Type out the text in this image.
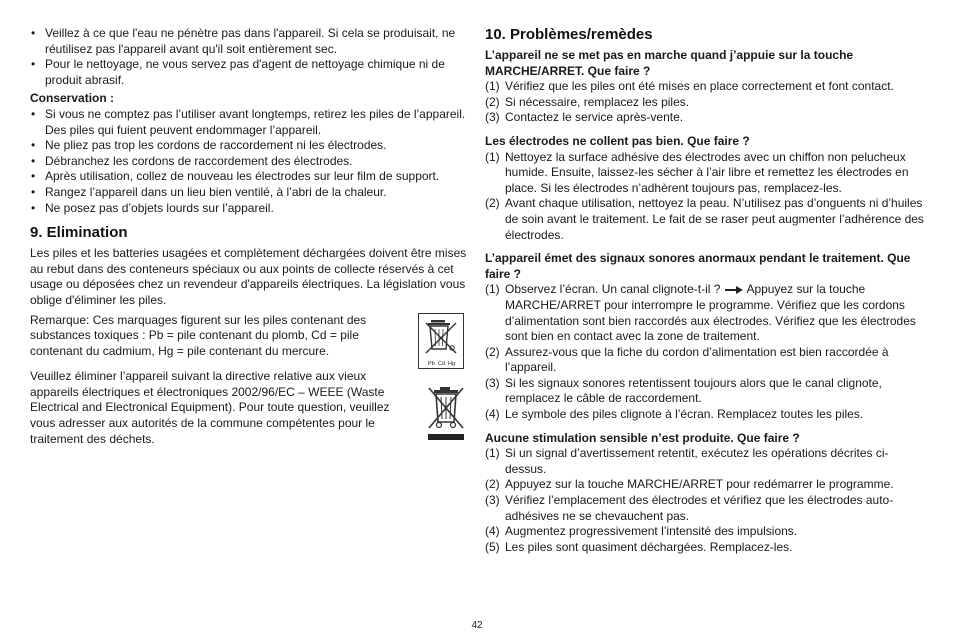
• Veillez à ce que l'eau ne pénètre pas dans l'appareil. Si cela se produisait, ne réutilisez pas l'appareil avant qu'il soit entièrement sec.
• Pour le nettoyage, ne vous servez pas d'agent de nettoyage chimique ni de produit abrasif.
Conservation :
• Si vous ne comptez pas l’utiliser avant longtemps, retirez les piles de l’appareil. Des piles qui fuient peuvent endommager l’appareil.
• Ne pliez pas trop les cordons de raccordement ni les électrodes.
• Débranchez les cordons de raccordement des électrodes.
• Après utilisation, collez de nouveau les électrodes sur leur film de support.
• Rangez l’appareil dans un lieu bien ventilé, à l’abri de la chaleur.
• Ne posez pas d’objets lourds sur l’appareil.
9. Elimination

Les piles et les batteries usagées et complètement déchargées doivent être mises au rebut dans des conteneurs spéciaux ou aux points de collecte réservés à cet usage ou déposées chez un revendeur d'appareils électriques. La législation vous oblige d'éliminer les piles.

Remarque: Ces marquages figurent sur les piles contenant des substances toxiques : Pb = pile contenant du plomb, Cd = pile contenant du cadmium, Hg = pile contenant du mercure.

Veuillez éliminer l’appareil suivant la directive relative aux vieux appareils électriques et électroniques 2002/96/EC – WEEE (Waste Electrical and Electronical Equipment). Pour toute question, veuillez vous adresser aux autorités de la commune compétentes pour le traitement des déchets.

Pb Cd Hg
10. Problèmes/remèdes
L’appareil ne se met pas en marche quand j’appuie sur la touche MARCHE/ARRET. Que faire ?
(1) Vérifiez que les piles ont été mises en place correctement et font contact.
(2) Si nécessaire, remplacez les piles.
(3) Contactez le service après-vente.
Les électrodes ne collent pas bien. Que faire ?
(1) Nettoyez la surface adhésive des électrodes avec un chiffon non pelucheux humide. Ensuite, laissez-les sécher à l’air libre et remettez les électrodes en place. Si les électrodes n’adhèrent toujours pas, remplacez-les.
(2) Avant chaque utilisation, nettoyez la peau. N’utilisez pas d’onguents ni d’huiles de soin avant le traitement. Le fait de se raser peut augmenter l’adhérence des électrodes.
L’appareil émet des signaux sonores anormaux pendant le traitement. Que faire ?
(1) Observez l’écran. Un canal clignote-t-il ? Appuyez sur la touche MARCHE/ARRET pour interrompre le programme. Vérifiez que les cordons d’alimentation sont bien raccordés aux électrodes. Vérifiez que les électrodes sont bien en contact avec la zone de traitement.
(2) Assurez-vous que la fiche du cordon d’alimentation est bien raccordée à l’appareil.
(3) Si les signaux sonores retentissent toujours alors que le canal clignote, remplacez le câble de raccordement.
(4) Le symbole des piles clignote à l’écran. Remplacez toutes les piles.
Aucune stimulation sensible n’est produite. Que faire ?
(1) Si un signal d’avertissement retentit, exécutez les opérations décrites ci-dessus.
(2) Appuyez sur la touche MARCHE/ARRET pour redémarrer le programme.
(3) Vérifiez l’emplacement des électrodes et vérifiez que les électrodes auto-adhésives ne se chevauchent pas.
(4) Augmentez progressivement l’intensité des impulsions.
(5) Les piles sont quasiment déchargées. Remplacez-les.
42
